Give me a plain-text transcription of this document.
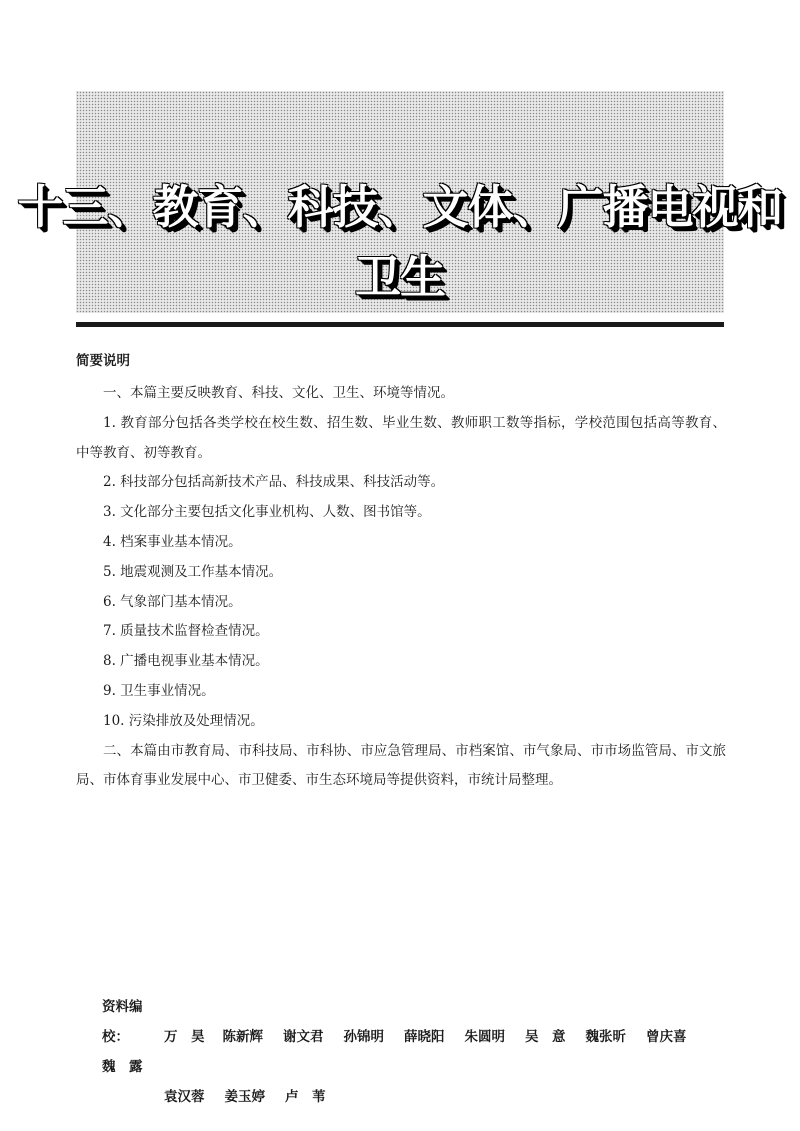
十三、教育、科技、文体、广播电视和卫生

简要说明

一、本篇主要反映教育、科技、文化、卫生、环境等情况。

1. 教育部分包括各类学校在校生数、招生数、毕业生数、教师职工数等指标，学校范围包括高等教育、中等教育、初等教育。

2. 科技部分包括高新技术产品、科技成果、科技活动等。

3. 文化部分主要包括文化事业机构、人数、图书馆等。

4. 档案事业基本情况。

5. 地震观测及工作基本情况。

6. 气象部门基本情况。

7. 质量技术监督检查情况。

8. 广播电视事业基本情况。

9. 卫生事业情况。

10. 污染排放及处理情况。

二、本篇由市教育局、市科技局、市科协、市应急管理局、市档案馆、市气象局、市市场监管局、市文旅局、市体育事业发展中心、市卫健委、市生态环境局等提供资料，市统计局整理。

资料编校：	万　昊 陈新辉 谢文君 孙锦明 薛晓阳 朱圆明 吴　意 魏张昕 曾庆喜魏　露
袁汉蓉 姜玉婷 卢　苇
